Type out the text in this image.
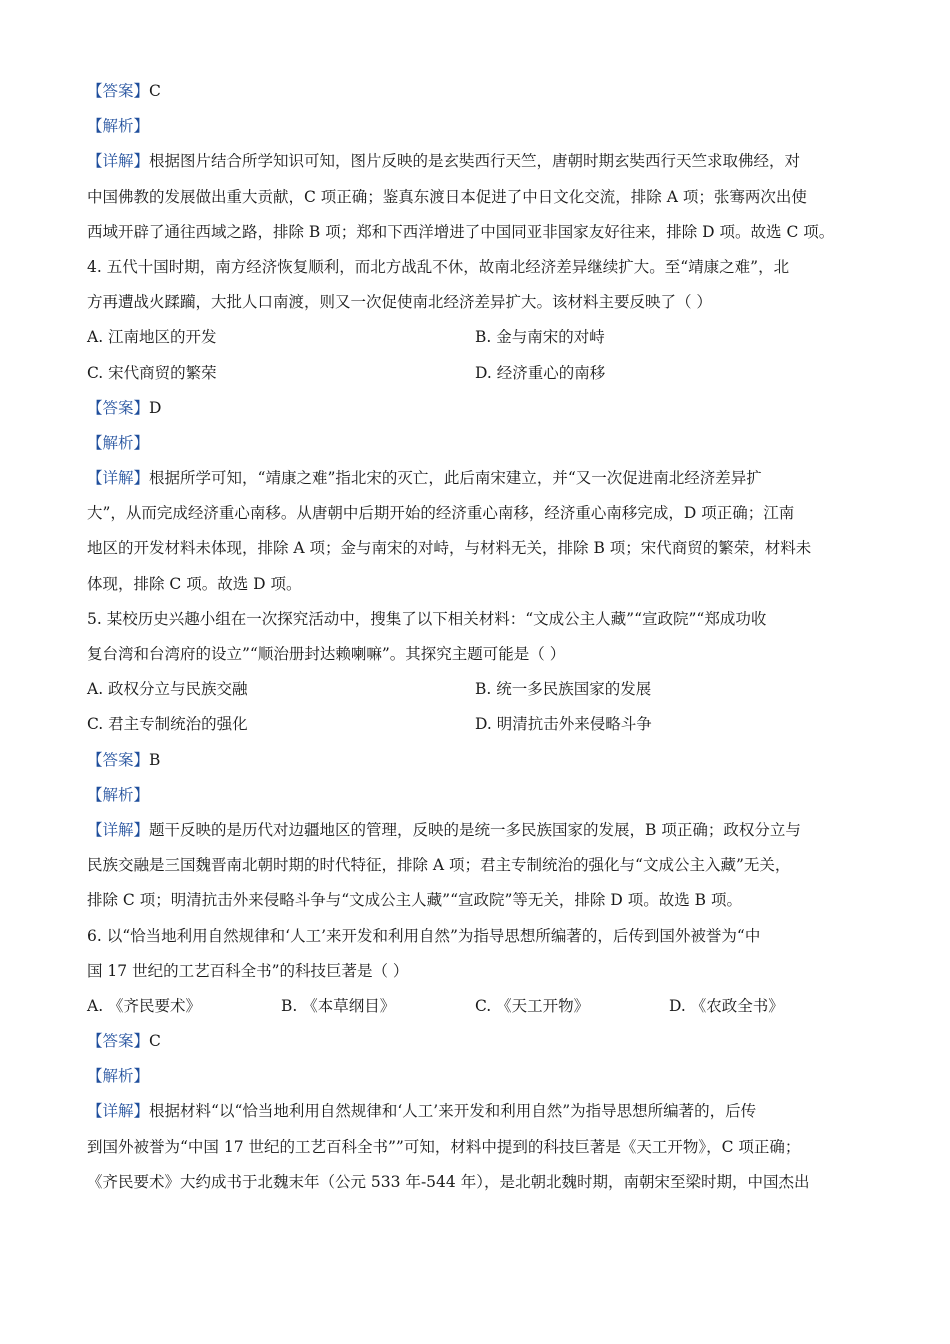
【答案】C
【解析】
【详解】根据图片结合所学知识可知，图片反映的是玄奘西行天竺，唐朝时期玄奘西行天竺求取佛经，对
中国佛教的发展做出重大贡献，C 项正确；鉴真东渡日本促进了中日文化交流，排除 A 项；张骞两次出使
西域开辟了通往西域之路，排除 B 项；郑和下西洋增进了中国同亚非国家友好往来，排除 D 项。故选 C 项。
4. 五代十国时期，南方经济恢复顺利，而北方战乱不休，故南北经济差异继续扩大。至“靖康之难”，北
方再遭战火蹂躏，大批人口南渡，则又一次促使南北经济差异扩大。该材料主要反映了（ ）
A. 江南地区的开发	B. 金与南宋的对峙
C. 宋代商贸的繁荣	D. 经济重心的南移
【答案】D
【解析】
【详解】根据所学可知，“靖康之难”指北宋的灭亡，此后南宋建立，并“又一次促进南北经济差异扩
大”，从而完成经济重心南移。从唐朝中后期开始的经济重心南移，经济重心南移完成，D 项正确；江南
地区的开发材料未体现，排除 A 项；金与南宋的对峙，与材料无关，排除 B 项；宋代商贸的繁荣，材料未
体现，排除 C 项。故选 D 项。
5. 某校历史兴趣小组在一次探究活动中，搜集了以下相关材料：“文成公主人藏”“宣政院”“郑成功收
复台湾和台湾府的设立”“顺治册封达赖喇嘛”。其探究主题可能是（ ）
A. 政权分立与民族交融	B. 统一多民族国家的发展
C. 君主专制统治的强化	D. 明清抗击外来侵略斗争
【答案】B
【解析】
【详解】题干反映的是历代对边疆地区的管理，反映的是统一多民族国家的发展，B 项正确；政权分立与
民族交融是三国魏晋南北朝时期的时代特征，排除 A 项；君主专制统治的强化与“文成公主入藏”无关，
排除 C 项；明清抗击外来侵略斗争与“文成公主人藏”“宣政院”等无关，排除 D 项。故选 B 项。
6. 以“恰当地利用自然规律和‘人工’来开发和利用自然”为指导思想所编著的，后传到国外被誉为“中
国 17 世纪的工艺百科全书”的科技巨著是（ ）
A. 《齐民要术》	B. 《本草纲目》	C. 《天工开物》	D. 《农政全书》
【答案】C
【解析】
【详解】根据材料“以“恰当地利用自然规律和‘人工’来开发和利用自然”为指导思想所编著的，后传
到国外被誉为“中国 17 世纪的工艺百科全书””可知，材料中提到的科技巨著是《天工开物》，C 项正确；
《齐民要术》大约成书于北魏末年（公元 533 年-544 年），是北朝北魏时期，南朝宋至梁时期，中国杰出
